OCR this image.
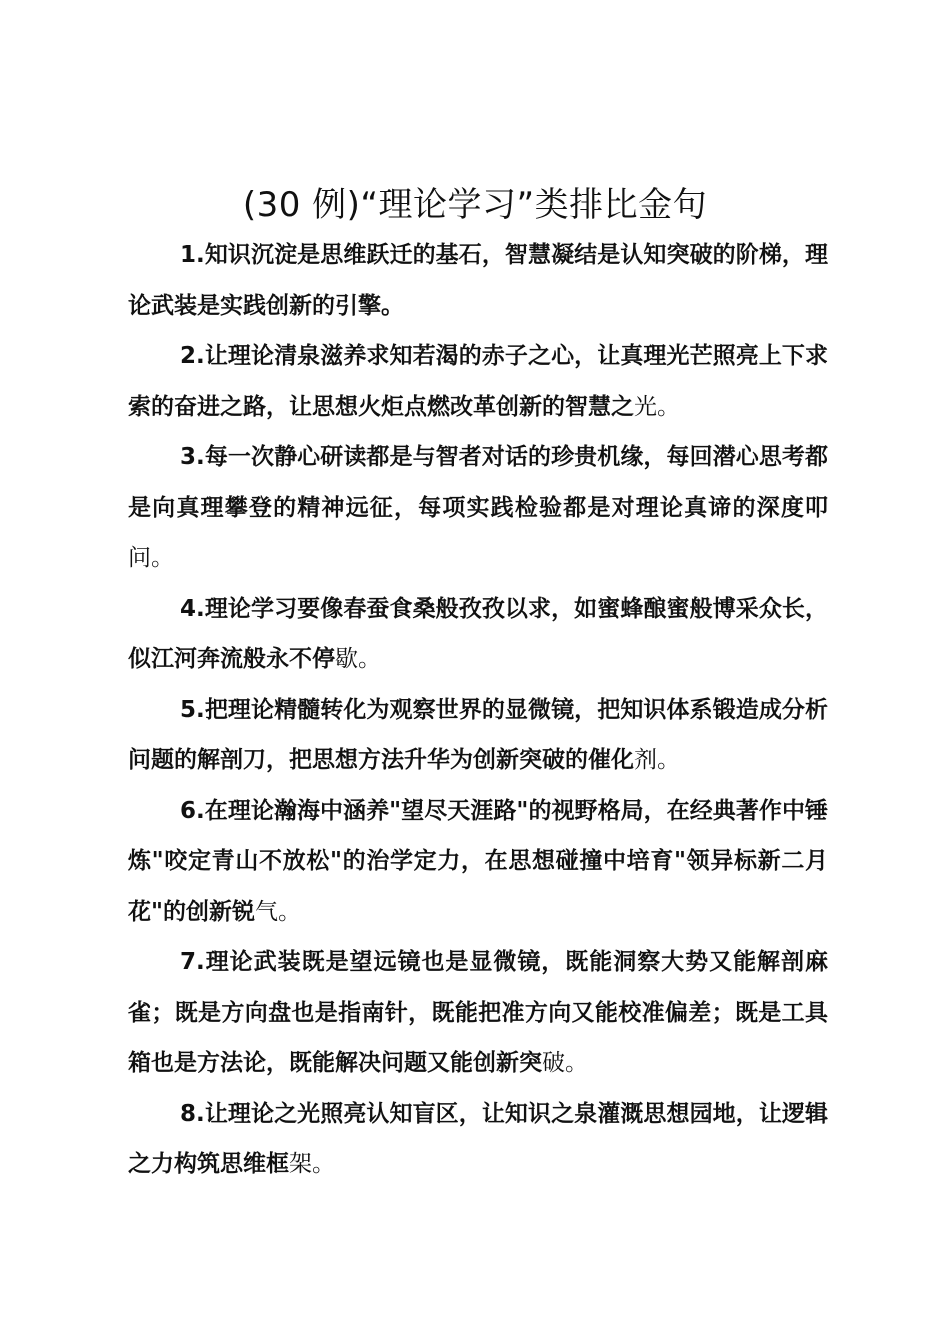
(30 例)“理论学习”类排比金句

1.知识沉淀是思维跃迁的基石，智慧凝结是认知突破的阶梯，理论武装是实践创新的引擎。

2.让理论清泉滋养求知若渴的赤子之心，让真理光芒照亮上下求索的奋进之路，让思想火炬点燃改革创新的智慧之光。

3.每一次静心研读都是与智者对话的珍贵机缘，每回潜心思考都是向真理攀登的精神远征，每项实践检验都是对理论真谛的深度叩问。

4.理论学习要像春蚕食桑般孜孜以求，如蜜蜂酿蜜般博采众长，似江河奔流般永不停歇。

5.把理论精髓转化为观察世界的显微镜，把知识体系锻造成分析问题的解剖刀，把思想方法升华为创新突破的催化剂。

6.在理论瀚海中涵养"望尽天涯路"的视野格局，在经典著作中锤炼"咬定青山不放松"的治学定力，在思想碰撞中培育"领异标新二月花"的创新锐气。

7.理论武装既是望远镜也是显微镜，既能洞察大势又能解剖麻雀；既是方向盘也是指南针，既能把准方向又能校准偏差；既是工具箱也是方法论，既能解决问题又能创新突破。

8.让理论之光照亮认知盲区，让知识之泉灌溉思想园地，让逻辑之力构筑思维框架。
